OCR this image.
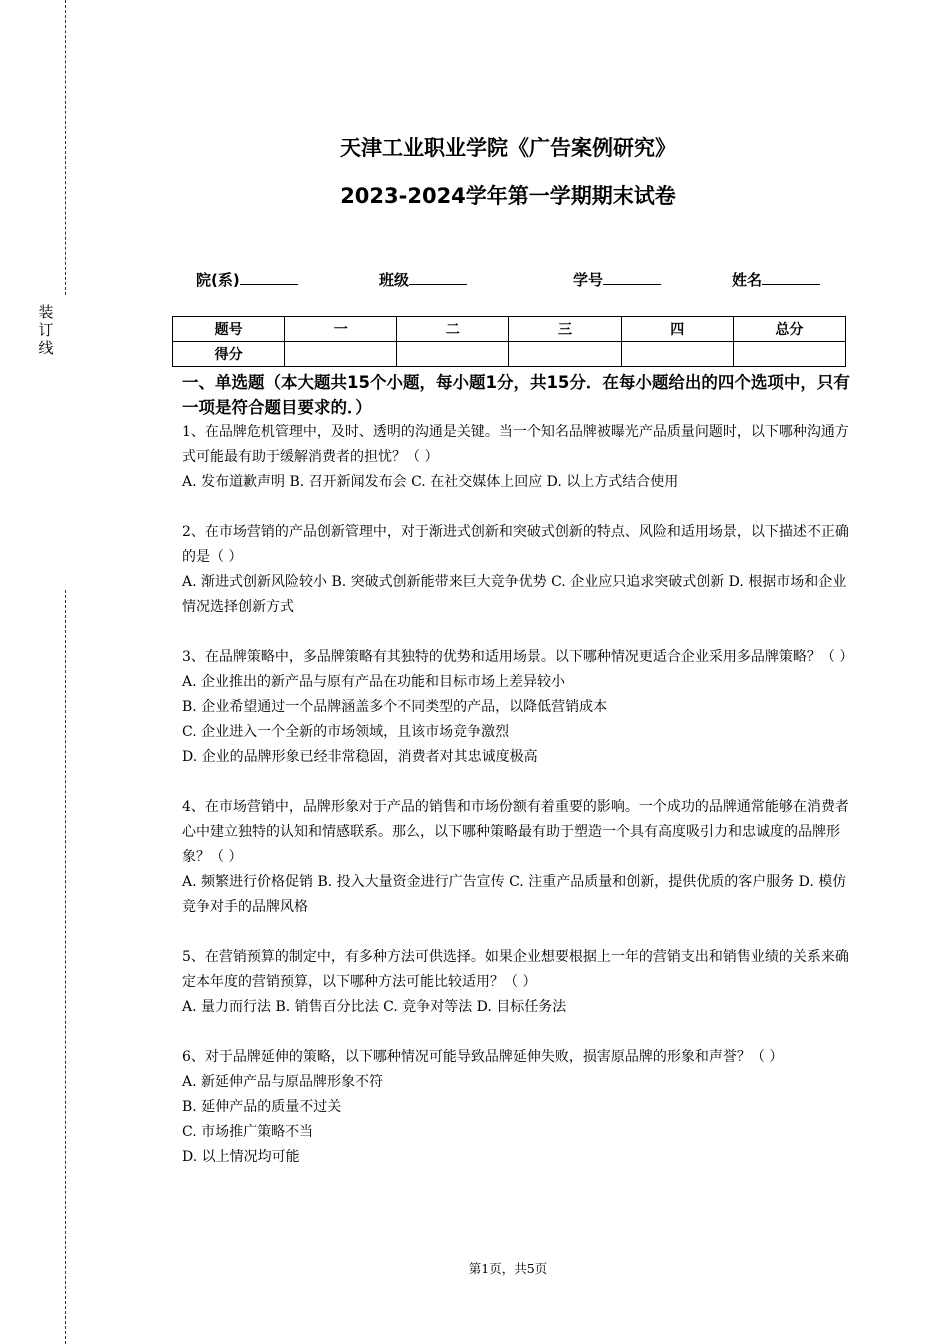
装
订
线
天津工业职业学院《广告案例研究》
2023-2024学年第一学期期末试卷
院(系)	班级	学号	姓名
题号	一	二	三	四	总分
得分					

一、单选题（本大题共15个小题，每小题1分，共15分．在每小题给出的四个选项中，只有一项是符合题目要求的．）

1、在品牌危机管理中，及时、透明的沟通是关键。当一个知名品牌被曝光产品质量问题时，以下哪种沟通方式可能最有助于缓解消费者的担忧？（ ）

A. 发布道歉声明 B. 召开新闻发布会 C. 在社交媒体上回应 D. 以上方式结合使用

2、在市场营销的产品创新管理中，对于渐进式创新和突破式创新的特点、风险和适用场景，以下描述不正确的是（ ）

A. 渐进式创新风险较小 B. 突破式创新能带来巨大竞争优势 C. 企业应只追求突破式创新 D. 根据市场和企业情况选择创新方式

3、在品牌策略中，多品牌策略有其独特的优势和适用场景。以下哪种情况更适合企业采用多品牌策略？（ ）

A. 企业推出的新产品与原有产品在功能和目标市场上差异较小

B. 企业希望通过一个品牌涵盖多个不同类型的产品，以降低营销成本

C. 企业进入一个全新的市场领域，且该市场竞争激烈

D. 企业的品牌形象已经非常稳固，消费者对其忠诚度极高

4、在市场营销中，品牌形象对于产品的销售和市场份额有着重要的影响。一个成功的品牌通常能够在消费者心中建立独特的认知和情感联系。那么，以下哪种策略最有助于塑造一个具有高度吸引力和忠诚度的品牌形象？（ ）

A. 频繁进行价格促销 B. 投入大量资金进行广告宣传 C. 注重产品质量和创新，提供优质的客户服务 D. 模仿竞争对手的品牌风格

5、在营销预算的制定中，有多种方法可供选择。如果企业想要根据上一年的营销支出和销售业绩的关系来确定本年度的营销预算，以下哪种方法可能比较适用？（ ）

A. 量力而行法 B. 销售百分比法 C. 竞争对等法 D. 目标任务法

6、对于品牌延伸的策略，以下哪种情况可能导致品牌延伸失败，损害原品牌的形象和声誉？（ ）

A. 新延伸产品与原品牌形象不符

B. 延伸产品的质量不过关

C. 市场推广策略不当

D. 以上情况均可能

第1页，共5页
